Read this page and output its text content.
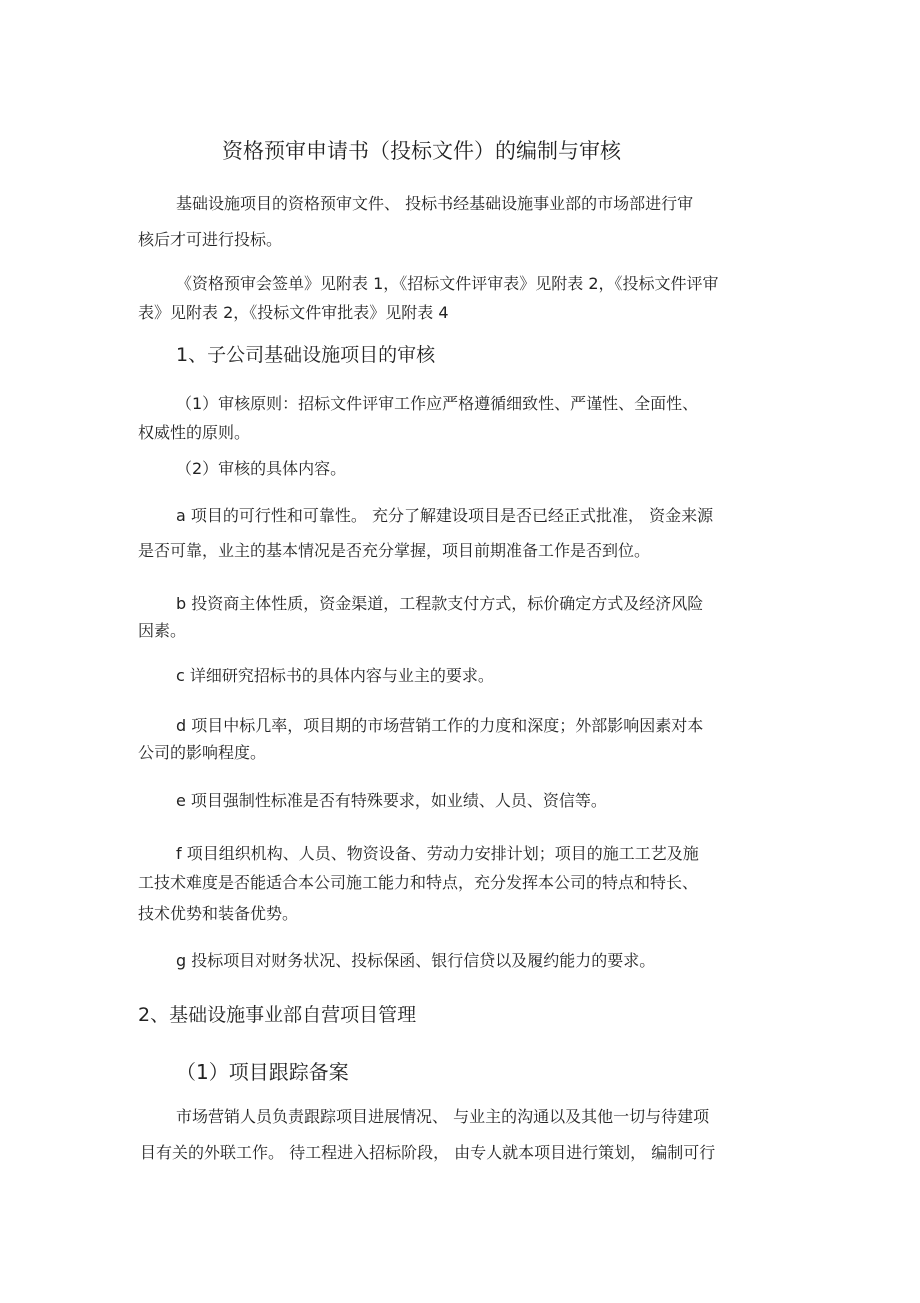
资格预审申请书（投标文件）的编制与审核
基础设施项目的资格预审文件、 投标书经基础设施事业部的市场部进行审
核后才可进行投标。
《资格预审会签单》见附表 1，《招标文件评审表》见附表 2，《投标文件评审
表》见附表 2，《投标文件审批表》见附表 4
1、子公司基础设施项目的审核
（1）审核原则：招标文件评审工作应严格遵循细致性、严谨性、全面性、
权威性的原则。
（2）审核的具体内容。
a 项目的可行性和可靠性。 充分了解建设项目是否已经正式批准， 资金来源
是否可靠，业主的基本情况是否充分掌握，项目前期准备工作是否到位。
b 投资商主体性质，资金渠道，工程款支付方式，标价确定方式及经济风险
因素。
c 详细研究招标书的具体内容与业主的要求。
d 项目中标几率，项目期的市场营销工作的力度和深度；外部影响因素对本
公司的影响程度。
e 项目强制性标准是否有特殊要求，如业绩、人员、资信等。
f 项目组织机构、人员、物资设备、劳动力安排计划；项目的施工工艺及施
工技术难度是否能适合本公司施工能力和特点，充分发挥本公司的特点和特长、
技术优势和装备优势。
g 投标项目对财务状况、投标保函、银行信贷以及履约能力的要求。
2、基础设施事业部自营项目管理
（1）项目跟踪备案
市场营销人员负责跟踪项目进展情况、 与业主的沟通以及其他一切与待建项
目有关的外联工作。 待工程进入招标阶段， 由专人就本项目进行策划， 编制可行
